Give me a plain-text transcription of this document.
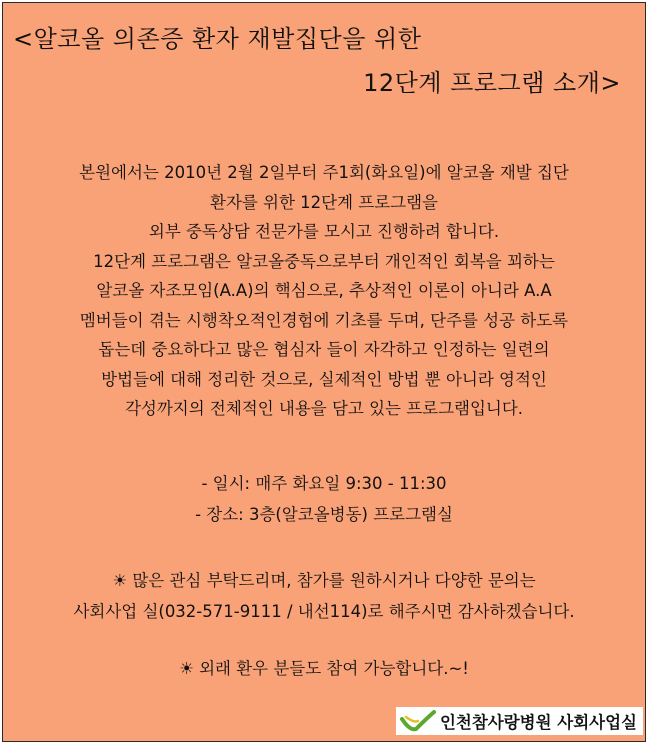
<알코올 의존증 환자 재발집단을 위한
12단계 프로그램 소개>

본원에서는 2010년 2월 2일부터 주1회(화요일)에 알코올 재발 집단

환자를 위한 12단계 프로그램을

외부 중독상담 전문가를 모시고 진행하려 합니다.

12단계 프로그램은 알코올중독으로부터 개인적인 회복을 꾀하는

알코올 자조모임(A.A)의 핵심으로, 추상적인 이론이 아니라 A.A

멤버들이 겪는 시행착오적인경험에 기초를 두며, 단주를 성공 하도록

돕는데 중요하다고 많은 협심자 들이 자각하고 인정하는 일련의

방법들에 대해 정리한 것으로, 실제적인 방법 뿐 아니라 영적인

각성까지의 전체적인 내용을 담고 있는 프로그램입니다.

- 일시: 매주 화요일 9:30 - 11:30

- 장소: 3층(알코올병동) 프로그램실

☀ 많은 관심 부탁드리며, 참가를 원하시거나 다양한 문의는

사회사업 실(032-571-9111 / 내선114)로 해주시면 감사하겠습니다.

☀ 외래 환우 분들도 참여 가능합니다.~!
인천참사랑병원 사회사업실
